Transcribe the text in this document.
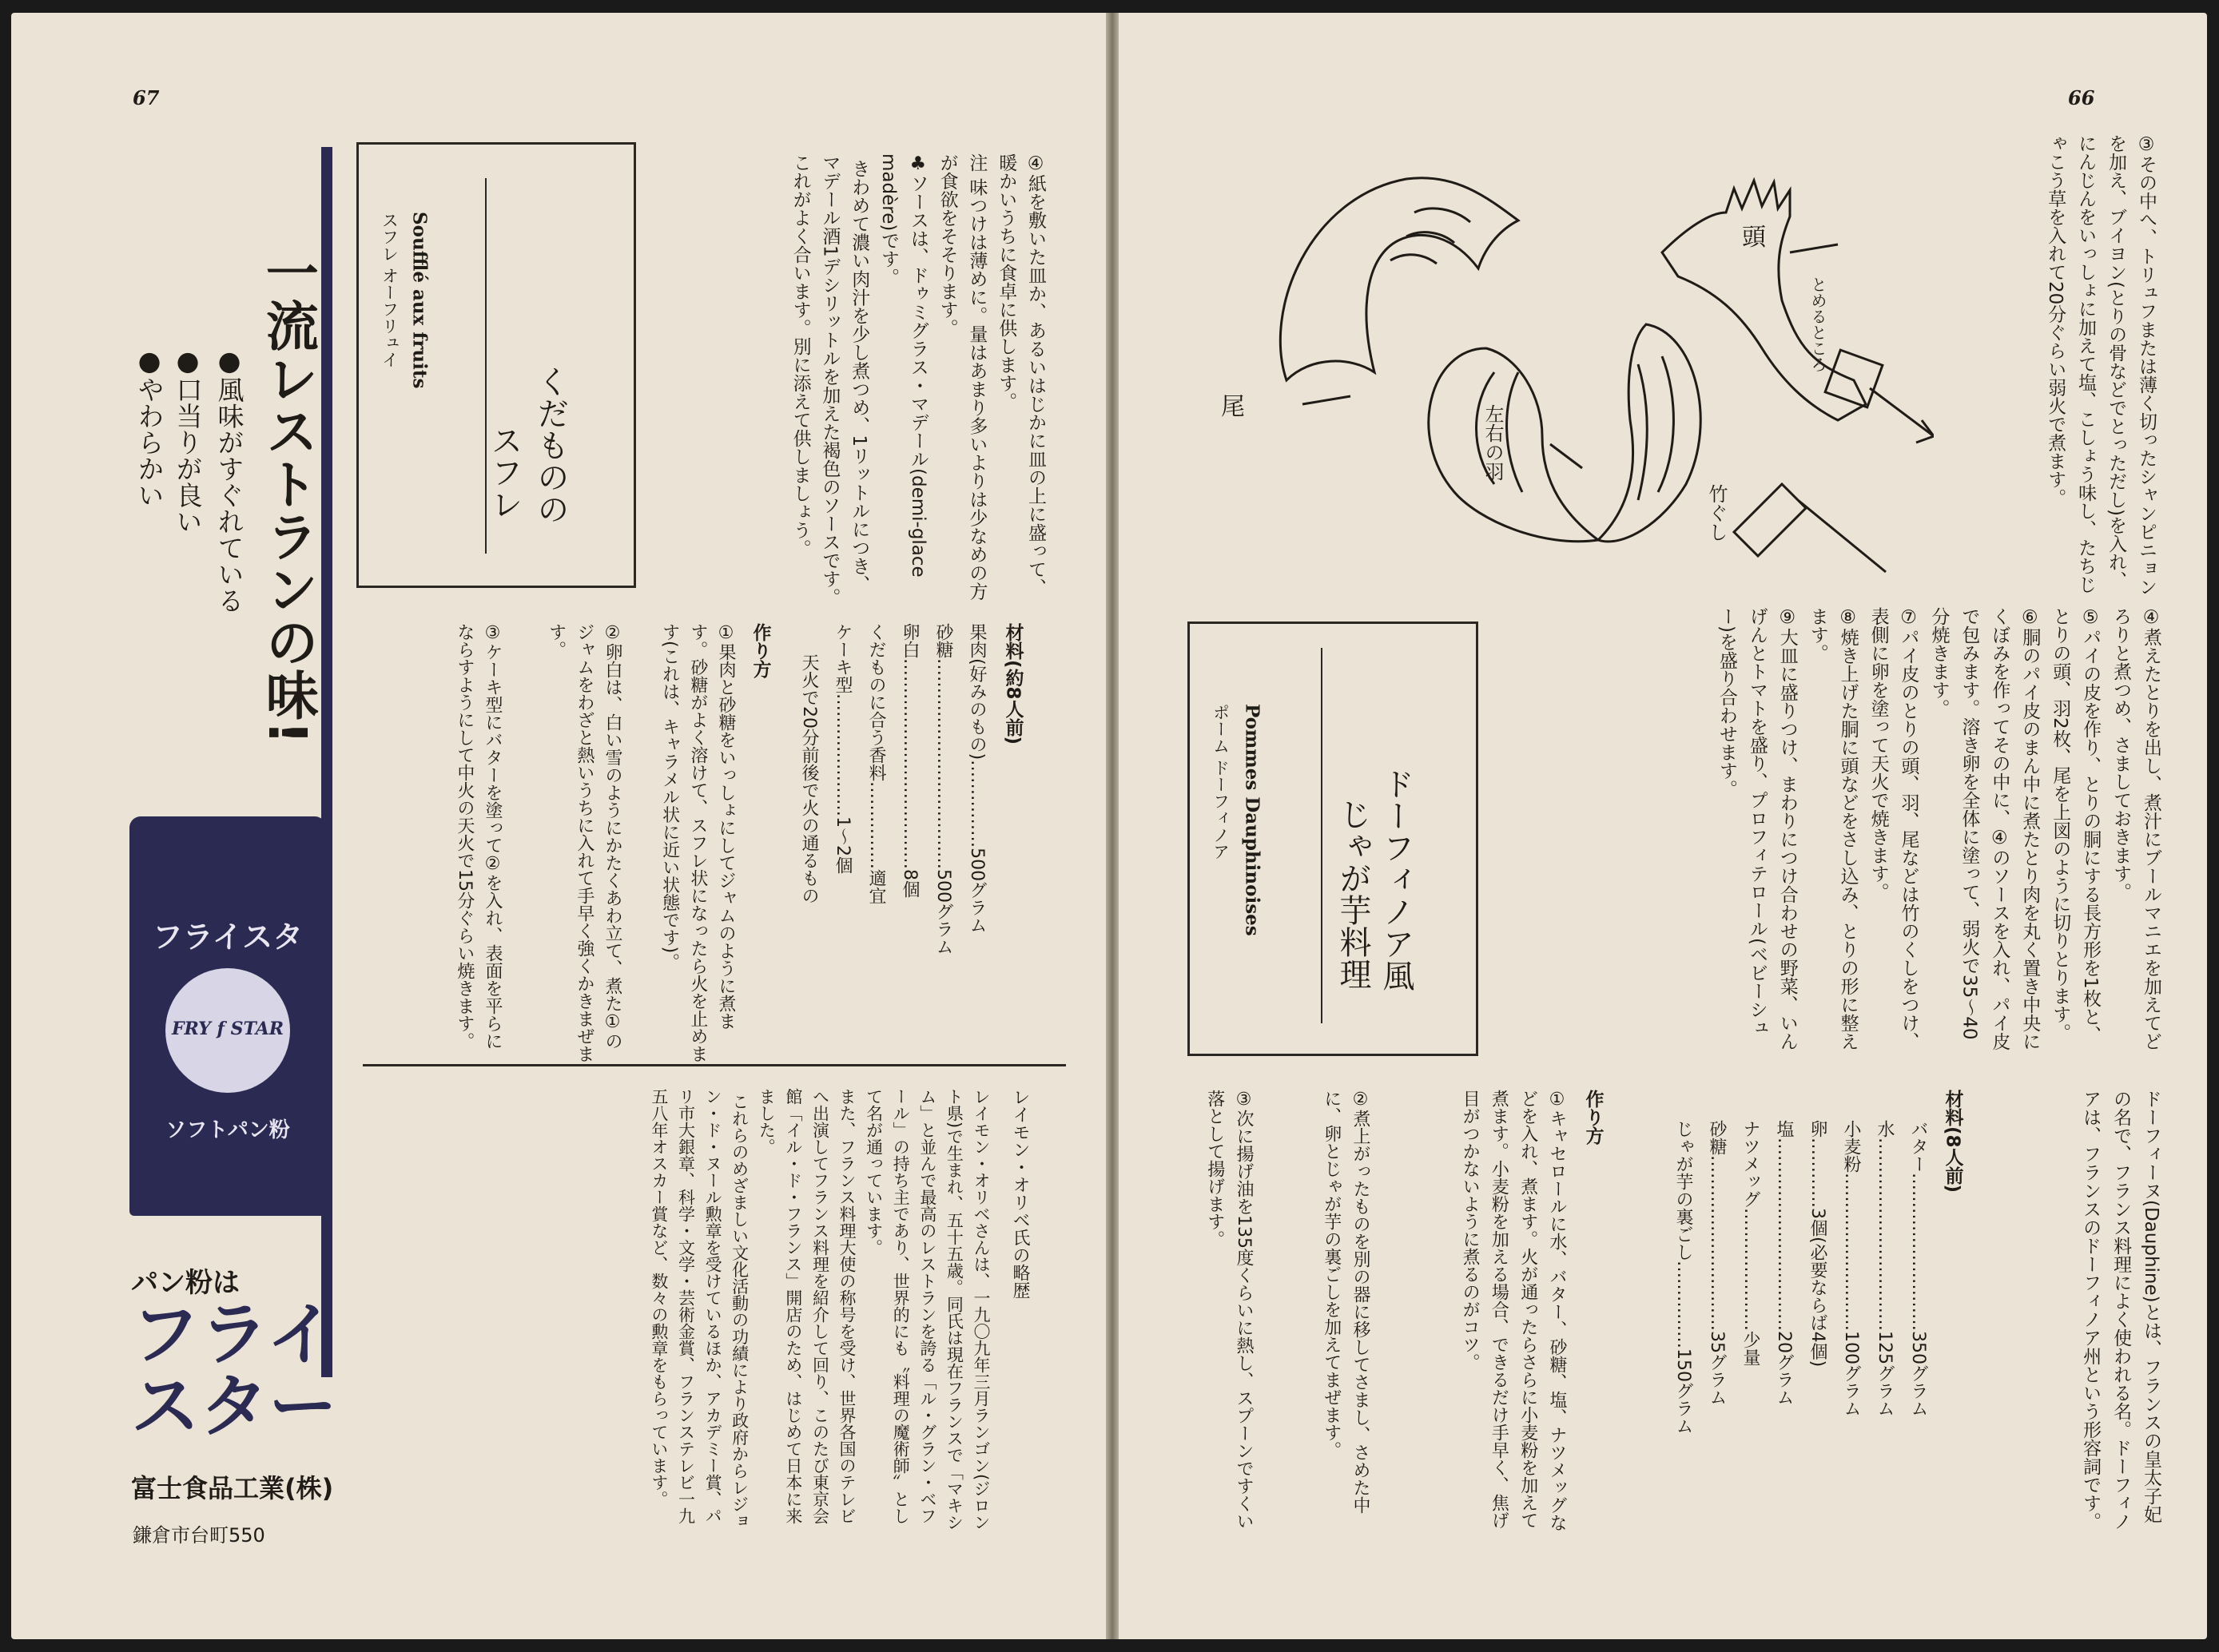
67
一流レストランの味!
●風味がすぐれている
●口当りが良い
●やわらかい
フライスタ
FRY f STAR
ソフトパン粉
パン粉は
フライ
スター
富士食品工業(株)
鎌倉市台町550
くだものの
スフレ
Soufflé aux fruits
スフレ オーフリュイ	④紙を敷いた皿か、あるいはじかに皿の上に盛って、暖かいうちに食卓に供します。
注 味つけは薄めに。量はあまり多いよりは少なめの方が食欲をそそります。
♣ソースは、ドゥミグラス・マデール(demi-glace madère)です。
きわめて濃い肉汁を少し煮つめ、1リットルにつき、マデール酒1デシリットルを加えた褐色のソースです。これがよく合います。別に添えて供しましょう。
材料(約8人前)
果肉(好みのもの)……………500グラム
砂糖………………………………500グラム
卵白………………………………8個
くだものに合う香料……………適宜
ケーキ型…………………1〜2個
天火で20分前後で火の通るもの
作り方
①果肉と砂糖をいっしょにしてジャムのように煮ます。砂糖がよく溶けて、スフレ状になったら火を止めます(これは、キャラメル状に近い状態です)。
②卵白は、白い雪のようにかたくあわ立て、煮た①のジャムをわざと熱いうちに入れて手早く強くかきまぜます。
③ケーキ型にバターを塗って②を入れ、表面を平らにならすようにして中火の天火で15分ぐらい焼きます。
レイモン・オリベ氏の略歴
レイモン・オリベさんは、一九〇九年三月ランゴン(ジロント県)で生まれ、五十五歳。同氏は現在フランスで「マキシム」と並んで最高のレストランを誇る「ル・グラン・ベフール」の持ち主であり、世界的にも〝料理の魔術師〟として名が通っています。
また、フランス料理大使の称号を受け、世界各国のテレビへ出演してフランス料理を紹介して回り、このたび東京会館「イル・ド・フランス」開店のため、はじめて日本に来ました。
これらのめざましい文化活動の功績により政府からレジョン・ド・ヌール勲章を受けているほか、アカデミー賞、パリ市大銀章、科学・文学・芸術金賞、フランステレビ一九五八年オスカー賞など、数々の勲章をもらっています。
66
③その中へ、トリュフまたは薄く切ったシャンピニョンを加え、ブイヨン(とりの骨などでとっただし)を入れ、にんじんをいっしょに加えて塩、こしょう味し、たちじゃこう草を入れて20分ぐらい弱火で煮ます。
頭
とめるところ
尾	左右の羽
竹ぐし
④煮えたとりを出し、煮汁にブールマニエを加えてどろりと煮つめ、さましておきます。
⑤パイの皮を作り、とりの胴にする長方形を1枚と、とりの頭、羽2枚、尾を上図のように切りとります。
⑥胴のパイ皮のまん中に煮たとり肉を丸く置き中央にくぼみを作ってその中に、④のソースを入れ、パイ皮で包みます。溶き卵を全体に塗って、弱火で35〜40分焼きます。
⑦パイ皮のとりの頭、羽、尾などは竹のくしをつけ、表側に卵を塗って天火で焼きます。
⑧焼き上げた胴に頭などをさし込み、とりの形に整えます。
⑨大皿に盛りつけ、まわりにつけ合わせの野菜、いんげんとトマトを盛り、プロフィテロール(ベビーシュー)を盛り合わせます。
ドーフィノア風
じゃが芋料理
Pommes Dauphinoises
ポーム ドーフィノア
ドーフィーヌ(Dauphine)とは、フランスの皇太子妃の名で、フランス料理によく使われる名。ドーフィノアは、フランスのドーフィノア州という形容詞です。
材料(8人前)
バター………………………350グラム
水……………………………125グラム
小麦粉………………………100グラム
卵…………3個(必要ならば4個)
塩……………………………20グラム
ナツメッグ…………………少量
砂糖…………………………35グラム
じゃが芋の裏ごし……………150グラム
作り方
①キャセロールに水、バター、砂糖、塩、ナツメッグなどを入れ、煮ます。火が通ったらさらに小麦粉を加えて煮ます。小麦粉を加える場合、できるだけ手早く、焦げ目がつかないように煮るのがコツ。
②煮上がったものを別の器に移してさまし、さめた中に、卵とじゃが芋の裏ごしを加えてまぜます。
③次に揚げ油を135度くらいに熱し、スプーンですくい落として揚げます。
